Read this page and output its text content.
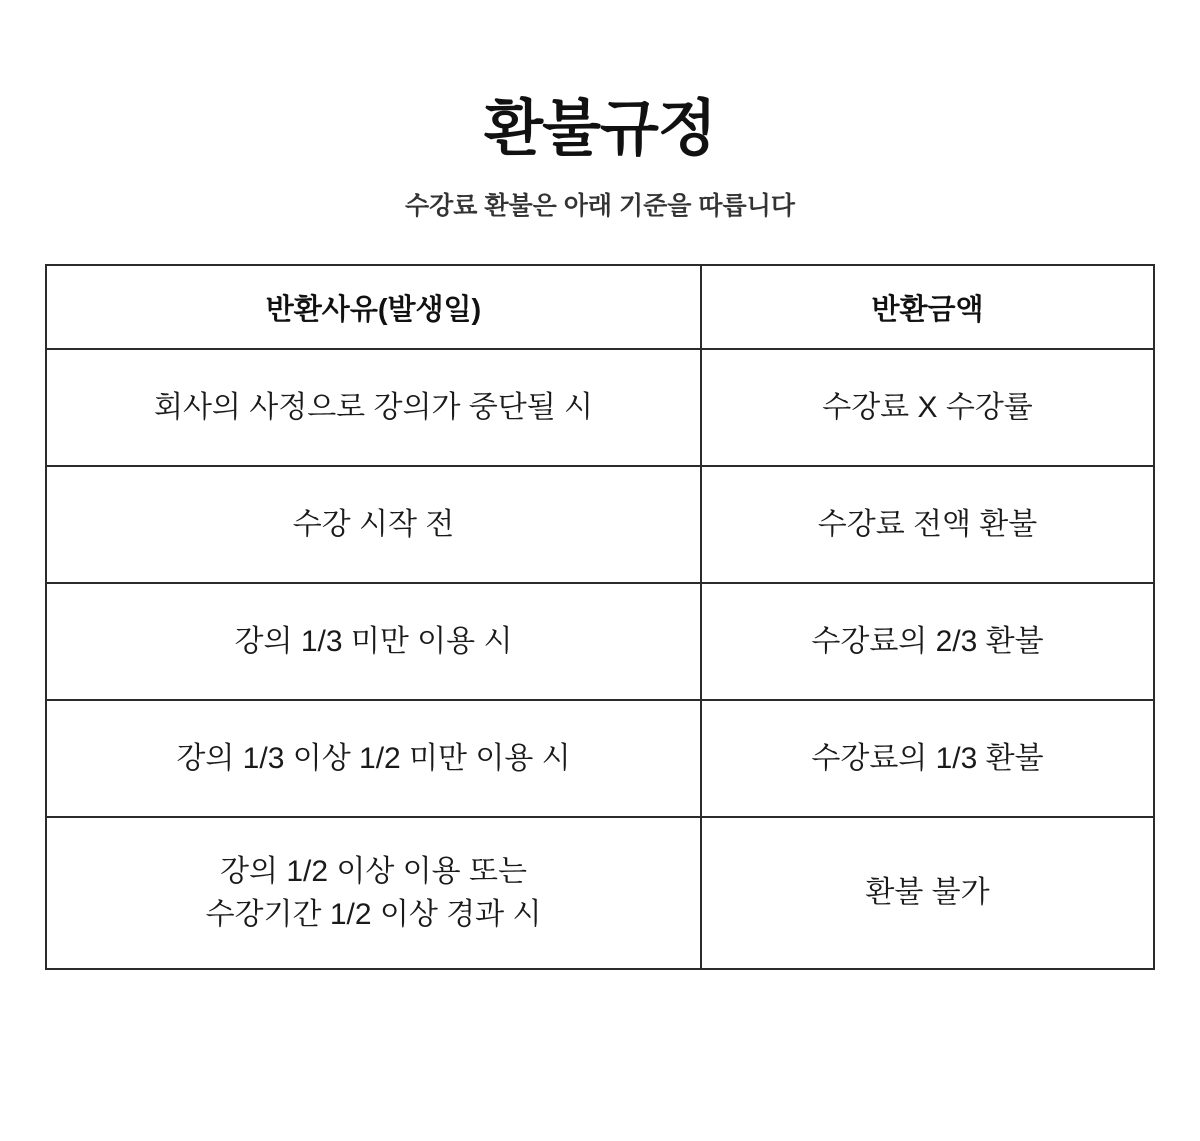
환불규정
수강료 환불은 아래 기준을 따릅니다
반환사유(발생일)	반환금액

회사의 사정으로 강의가 중단될 시	수강료 X 수강률

수강 시작 전	수강료 전액 환불

강의 1/3 미만 이용 시	수강료의 2/3 환불

강의 1/3 이상 1/2 미만 이용 시	수강료의 1/3 환불

강의 1/2 이상 이용 또는
수강기간 1/2 이상 경과 시	환불 불가
